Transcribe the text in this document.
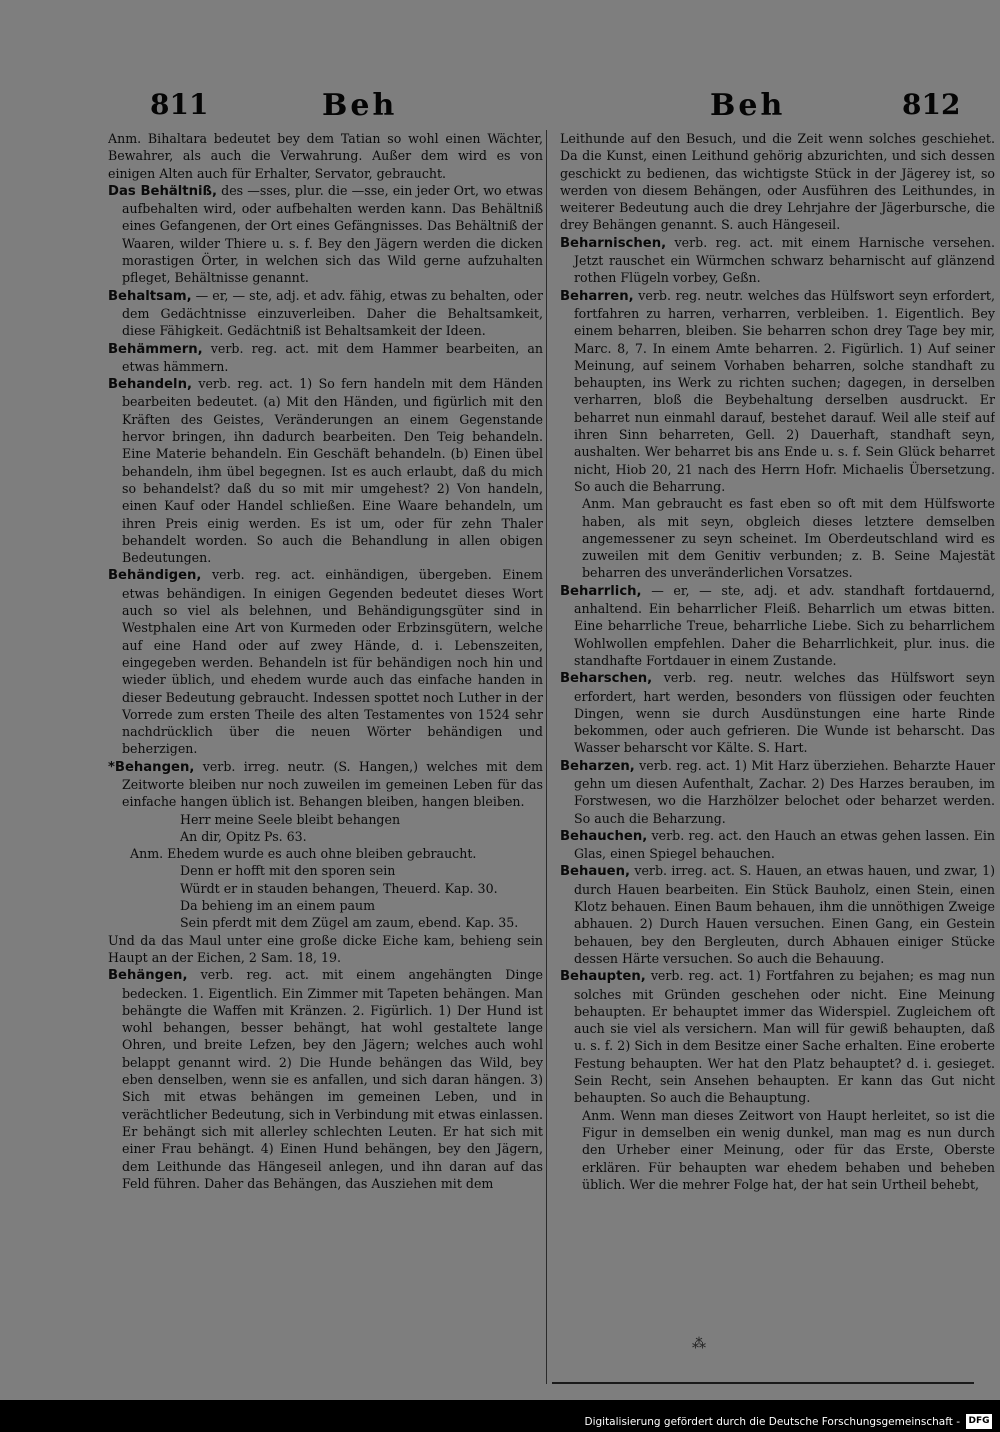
811	Beh	Beh	812

Anm. Bihaltara bedeutet bey dem Tatian so wohl einen Wächter, Bewahrer, als auch die Verwahrung. Außer dem wird es von einigen Alten auch für Erhalter, Servator, gebraucht.

Das Behältniß, des —sses, plur. die —sse, ein jeder Ort, wo etwas aufbehalten wird, oder aufbehalten werden kann. Das Behältniß eines Gefangenen, der Ort eines Gefängnisses. Das Behältniß der Waaren, wilder Thiere u. s. f. Bey den Jägern werden die dicken morastigen Örter, in welchen sich das Wild gerne aufzuhalten pfleget, Behältnisse genannt.

Behaltsam, — er, — ste, adj. et adv. fähig, etwas zu behalten, oder dem Gedächtnisse einzuverleiben. Daher die Behaltsamkeit, diese Fähigkeit. Gedächtniß ist Behaltsamkeit der Ideen.

Behämmern, verb. reg. act. mit dem Hammer bearbeiten, an etwas hämmern.

Behandeln, verb. reg. act. 1) So fern handeln mit dem Händen bearbeiten bedeutet. (a) Mit den Händen, und figürlich mit den Kräften des Geistes, Veränderungen an einem Gegenstande hervor bringen, ihn dadurch bearbeiten. Den Teig behandeln. Eine Materie behandeln. Ein Geschäft behandeln. (b) Einen übel behandeln, ihm übel begegnen. Ist es auch erlaubt, daß du mich so behandelst? daß du so mit mir umgehest? 2) Von handeln, einen Kauf oder Handel schließen. Eine Waare behandeln, um ihren Preis einig werden. Es ist um, oder für zehn Thaler behandelt worden. So auch die Behandlung in allen obigen Bedeutungen.

Behändigen, verb. reg. act. einhändigen, übergeben. Einem etwas behändigen. In einigen Gegenden bedeutet dieses Wort auch so viel als belehnen, und Behändigungsgüter sind in Westphalen eine Art von Kurmeden oder Erbzinsgütern, welche auf eine Hand oder auf zwey Hände, d. i. Lebenszeiten, eingegeben werden. Behandeln ist für behändigen noch hin und wieder üblich, und ehedem wurde auch das einfache handen in dieser Bedeutung gebraucht. Indessen spottet noch Luther in der Vorrede zum ersten Theile des alten Testamentes von 1524 sehr nachdrücklich über die neuen Wörter behändigen und beherzigen.

*Behangen, verb. irreg. neutr. (S. Hangen,) welches mit dem Zeitworte bleiben nur noch zuweilen im gemeinen Leben für das einfache hangen üblich ist. Behangen bleiben, hangen bleiben.

Herr meine Seele bleibt behangen

An dir, Opitz Ps. 63.

Anm. Ehedem wurde es auch ohne bleiben gebraucht.

Denn er hofft mit den sporen sein

Würdt er in stauden behangen, Theuerd. Kap. 30.

Da behieng im an einem paum

Sein pferdt mit dem Zügel am zaum, ebend. Kap. 35.

Und da das Maul unter eine große dicke Eiche kam, behieng sein Haupt an der Eichen, 2 Sam. 18, 19.

Behängen, verb. reg. act. mit einem angehängten Dinge bedecken. 1. Eigentlich. Ein Zimmer mit Tapeten behängen. Man behängte die Waffen mit Kränzen. 2. Figürlich. 1) Der Hund ist wohl behangen, besser behängt, hat wohl gestaltete lange Ohren, und breite Lefzen, bey den Jägern; welches auch wohl belappt genannt wird. 2) Die Hunde behängen das Wild, bey eben denselben, wenn sie es anfallen, und sich daran hängen. 3) Sich mit etwas behängen im gemeinen Leben, und in verächtlicher Bedeutung, sich in Verbindung mit etwas einlassen. Er behängt sich mit allerley schlechten Leuten. Er hat sich mit einer Frau behängt. 4) Einen Hund behängen, bey den Jägern, dem Leithunde das Hängeseil anlegen, und ihn daran auf das Feld führen. Daher das Behängen, das Ausziehen mit dem

Leithunde auf den Besuch, und die Zeit wenn solches geschiehet. Da die Kunst, einen Leithund gehörig abzurichten, und sich dessen geschickt zu bedienen, das wichtigste Stück in der Jägerey ist, so werden von diesem Behängen, oder Ausführen des Leithundes, in weiterer Bedeutung auch die drey Lehrjahre der Jägerbursche, die drey Behängen genannt. S. auch Hängeseil.

Beharnischen, verb. reg. act. mit einem Harnische versehen. Jetzt rauschet ein Würmchen schwarz beharnischt auf glänzend rothen Flügeln vorbey, Geßn.

Beharren, verb. reg. neutr. welches das Hülfswort seyn erfordert, fortfahren zu harren, verharren, verbleiben. 1. Eigentlich. Bey einem beharren, bleiben. Sie beharren schon drey Tage bey mir, Marc. 8, 7. In einem Amte beharren. 2. Figürlich. 1) Auf seiner Meinung, auf seinem Vorhaben beharren, solche standhaft zu behaupten, ins Werk zu richten suchen; dagegen, in derselben verharren, bloß die Beybehaltung derselben ausdruckt. Er beharret nun einmahl darauf, bestehet darauf. Weil alle steif auf ihren Sinn beharreten, Gell. 2) Dauerhaft, standhaft seyn, aushalten. Wer beharret bis ans Ende u. s. f. Sein Glück beharret nicht, Hiob 20, 21 nach des Herrn Hofr. Michaelis Übersetzung. So auch die Beharrung.

Anm. Man gebraucht es fast eben so oft mit dem Hülfsworte haben, als mit seyn, obgleich dieses letztere demselben angemessener zu seyn scheinet. Im Oberdeutschland wird es zuweilen mit dem Genitiv verbunden; z. B. Seine Majestät beharren des unveränderlichen Vorsatzes.

Beharrlich, — er, — ste, adj. et adv. standhaft fortdauernd, anhaltend. Ein beharrlicher Fleiß. Beharrlich um etwas bitten. Eine beharrliche Treue, beharrliche Liebe. Sich zu beharrlichem Wohlwollen empfehlen. Daher die Beharrlichkeit, plur. inus. die standhafte Fortdauer in einem Zustande.

Beharschen, verb. reg. neutr. welches das Hülfswort seyn erfordert, hart werden, besonders von flüssigen oder feuchten Dingen, wenn sie durch Ausdünstungen eine harte Rinde bekommen, oder auch gefrieren. Die Wunde ist beharscht. Das Wasser beharscht vor Kälte. S. Hart.

Beharzen, verb. reg. act. 1) Mit Harz überziehen. Beharzte Hauer gehn um diesen Aufenthalt, Zachar. 2) Des Harzes berauben, im Forstwesen, wo die Harzhölzer belochet oder beharzet werden. So auch die Beharzung.

Behauchen, verb. reg. act. den Hauch an etwas gehen lassen. Ein Glas, einen Spiegel behauchen.

Behauen, verb. irreg. act. S. Hauen, an etwas hauen, und zwar, 1) durch Hauen bearbeiten. Ein Stück Bauholz, einen Stein, einen Klotz behauen. Einen Baum behauen, ihm die unnöthigen Zweige abhauen. 2) Durch Hauen versuchen. Einen Gang, ein Gestein behauen, bey den Bergleuten, durch Abhauen einiger Stücke dessen Härte versuchen. So auch die Behauung.

Behaupten, verb. reg. act. 1) Fortfahren zu bejahen; es mag nun solches mit Gründen geschehen oder nicht. Eine Meinung behaupten. Er behauptet immer das Widerspiel. Zugleichem oft auch sie viel als versichern. Man will für gewiß behaupten, daß u. s. f. 2) Sich in dem Besitze einer Sache erhalten. Eine eroberte Festung behaupten. Wer hat den Platz behauptet? d. i. gesieget. Sein Recht, sein Ansehen behaupten. Er kann das Gut nicht behaupten. So auch die Behauptung.

Anm. Wenn man dieses Zeitwort von Haupt herleitet, so ist die Figur in demselben ein wenig dunkel, man mag es nun durch den Urheber einer Meinung, oder für das Erste, Oberste erklären. Für behaupten war ehedem behaben und beheben üblich. Wer die mehrer Folge hat, der hat sein Urtheil behebt,

⁂
Digitalisierung gefördert durch die Deutsche Forschungsgemeinschaft - DFG
